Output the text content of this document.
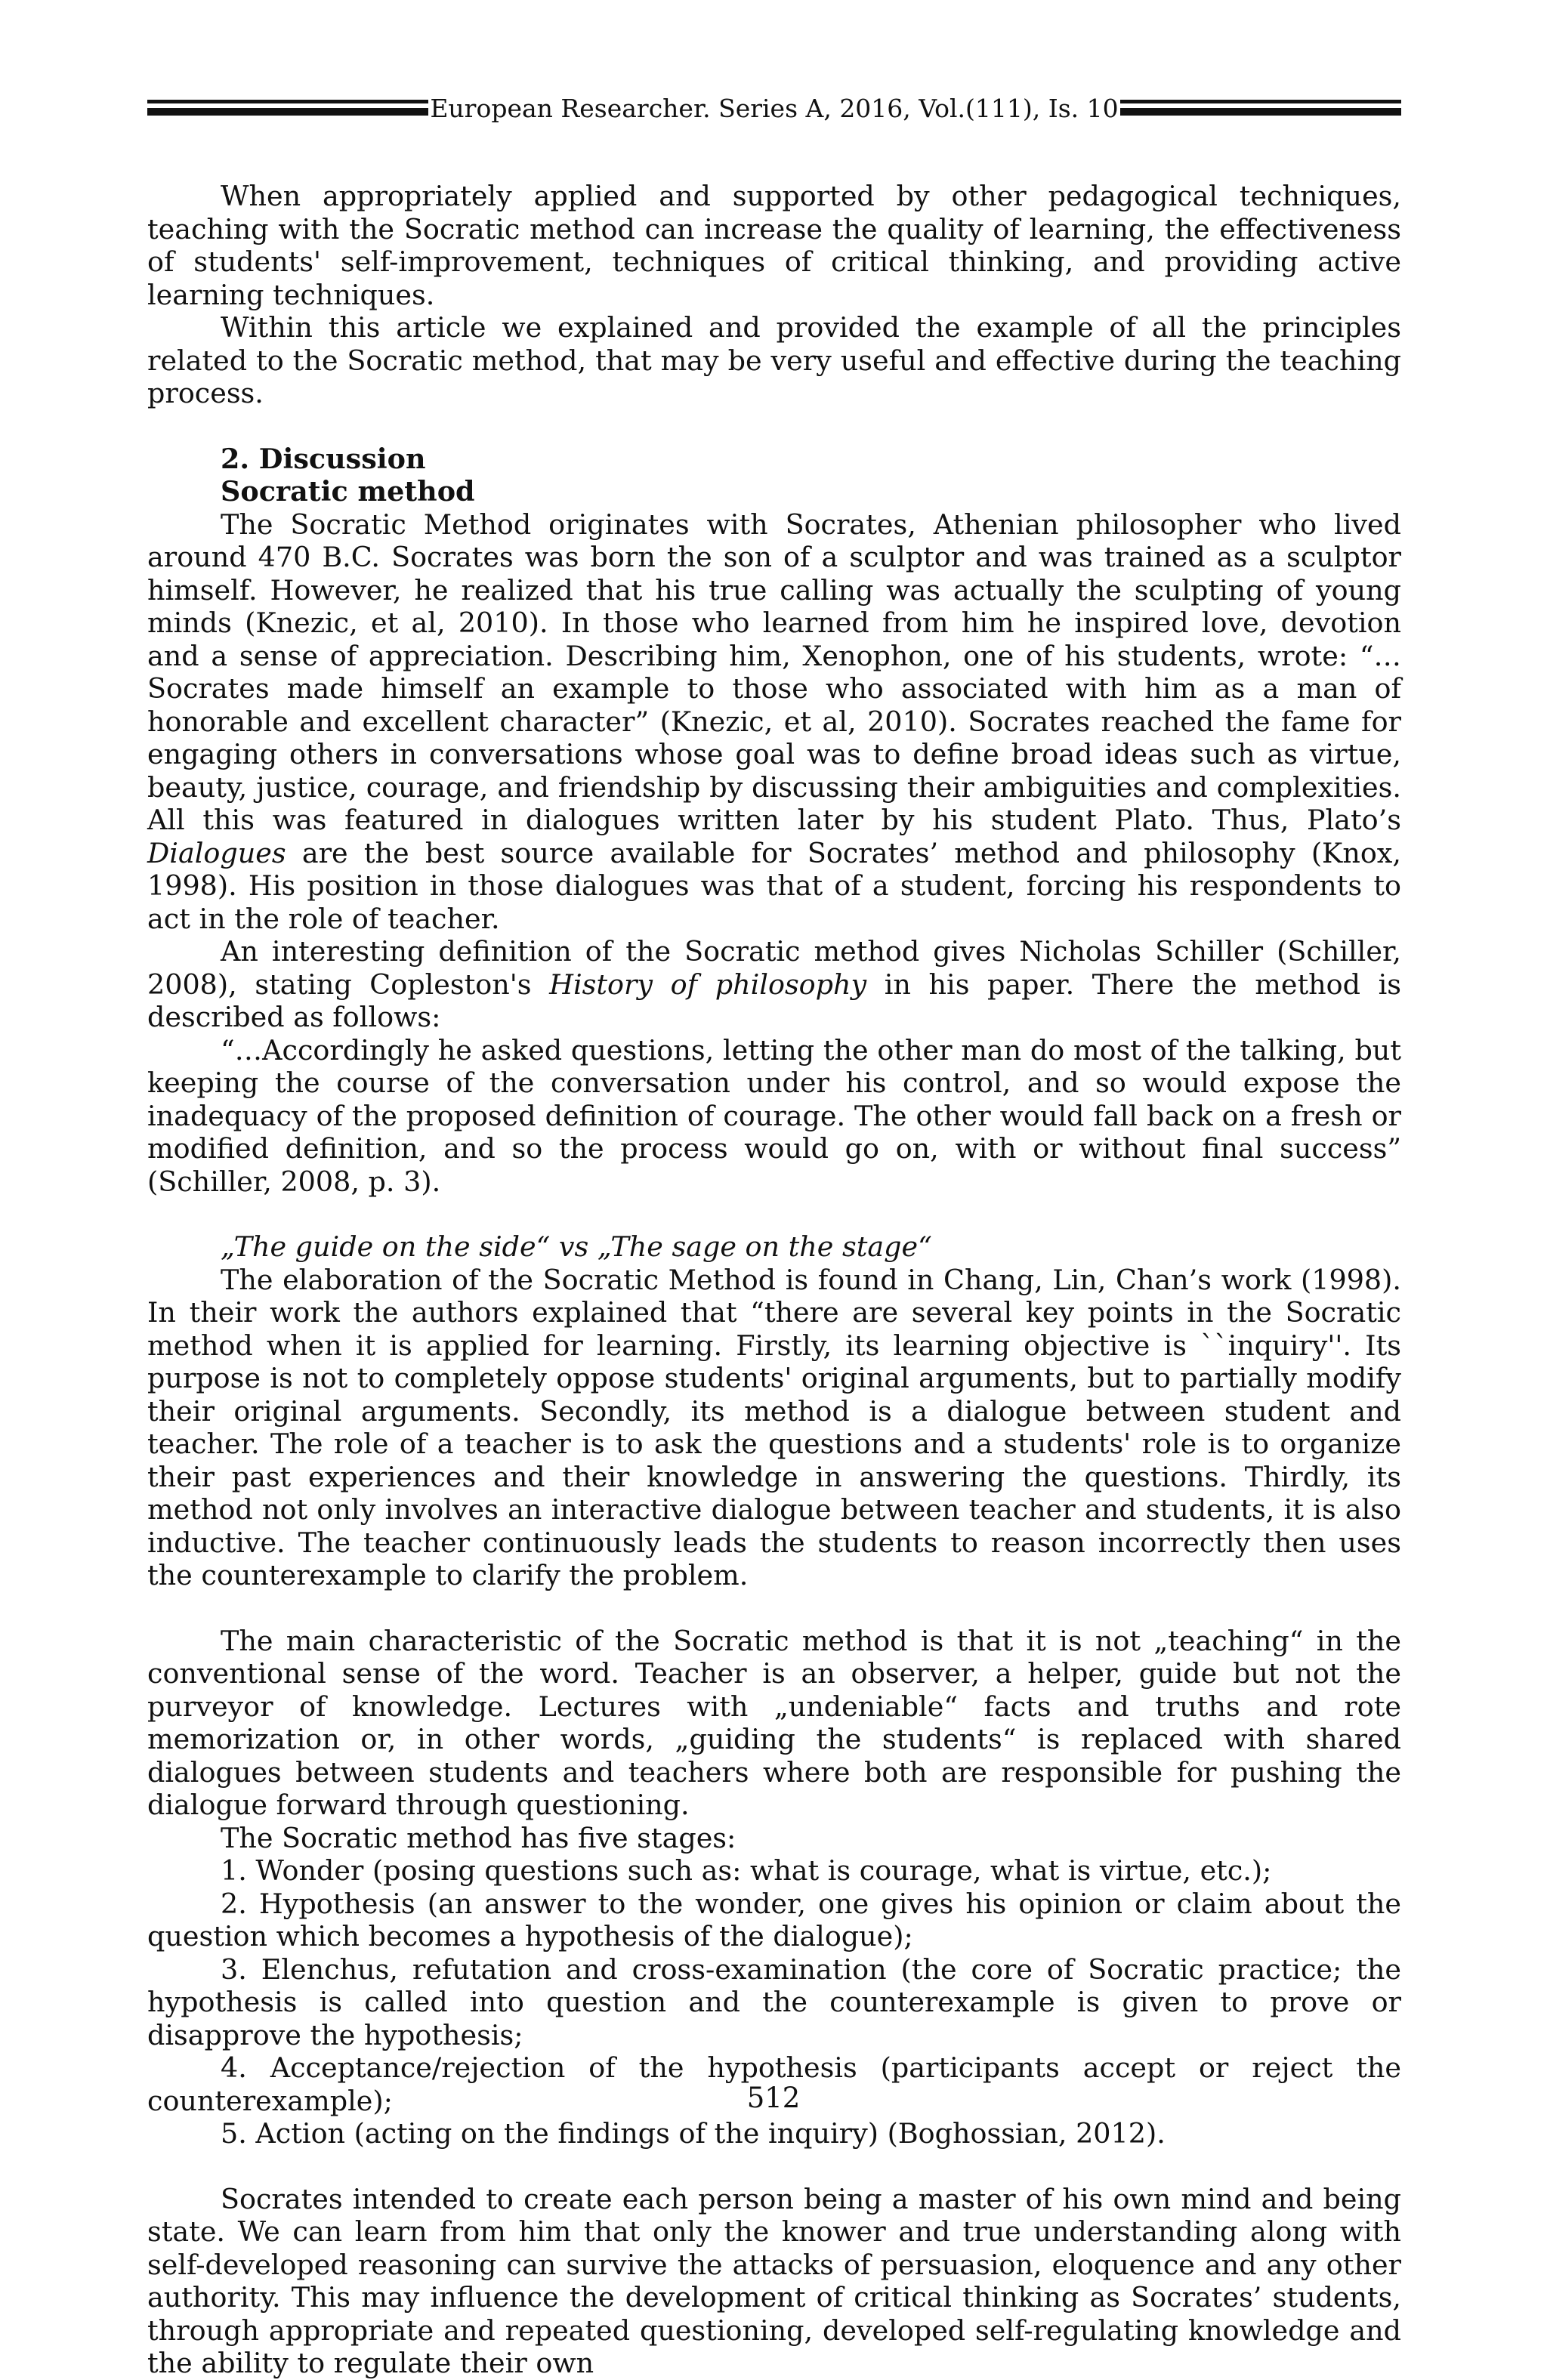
European Researcher. Series A, 2016, Vol.(111), Is. 10

When appropriately applied and supported by other pedagogical techniques, teaching with the Socratic method can increase the quality of learning, the effectiveness of students' self-improvement, techniques of critical thinking, and providing active learning techniques.

Within this article we explained and provided the example of all the principles related to the Socratic method, that may be very useful and effective during the teaching process.

2. Discussion

Socratic method

The Socratic Method originates with Socrates, Athenian philosopher who lived around 470 B.C. Socrates was born the son of a sculptor and was trained as a sculptor himself. However, he realized that his true calling was actually the sculpting of young minds (Knezic, et al, 2010). In those who learned from him he inspired love, devotion and a sense of appreciation. Describing him, Xenophon, one of his students, wrote: “…Socrates made himself an example to those who associated with him as a man of honorable and excellent character” (Knezic, et al, 2010). Socrates reached the fame for engaging others in conversations whose goal was to define broad ideas such as virtue, beauty, justice, courage, and friendship by discussing their ambiguities and complexities. All this was featured in dialogues written later by his student Plato. Thus, Plato’s Dialogues are the best source available for Socrates’ method and philosophy (Knox, 1998). His position in those dialogues was that of a student, forcing his respondents to act in the role of teacher.

An interesting definition of the Socratic method gives Nicholas Schiller (Schiller, 2008), stating Copleston's History of philosophy in his paper. There the method is described as follows:

“…Accordingly he asked questions, letting the other man do most of the talking, but keeping the course of the conversation under his control, and so would expose the inadequacy of the proposed definition of courage. The other would fall back on a fresh or modified definition, and so the process would go on, with or without final success” (Schiller, 2008, p. 3).

„The guide on the side“ vs „The sage on the stage“

The elaboration of the Socratic Method is found in Chang, Lin, Chan’s work (1998). In their work the authors explained that “there are several key points in the Socratic method when it is applied for learning. Firstly, its learning objective is ``inquiry''. Its purpose is not to completely oppose students' original arguments, but to partially modify their original arguments. Secondly, its method is a dialogue between student and teacher. The role of a teacher is to ask the questions and a students' role is to organize their past experiences and their knowledge in answering the questions. Thirdly, its method not only involves an interactive dialogue between teacher and students, it is also inductive. The teacher continuously leads the students to reason incorrectly then uses the counterexample to clarify the problem.

The main characteristic of the Socratic method is that it is not „teaching“ in the conventional sense of the word. Teacher is an observer, a helper, guide but not the purveyor of knowledge. Lectures with „undeniable“ facts and truths and rote memorization or, in other words, „guiding the students“ is replaced with shared dialogues between students and teachers where both are responsible for pushing the dialogue forward through questioning.

The Socratic method has five stages:

1. Wonder (posing questions such as: what is courage, what is virtue, etc.);

2. Hypothesis (an answer to the wonder, one gives his opinion or claim about the question which becomes a hypothesis of the dialogue);

3. Elenchus, refutation and cross-examination (the core of Socratic practice; the hypothesis is called into question and the counterexample is given to prove or disapprove the hypothesis;

4. Acceptance/rejection of the hypothesis (participants accept or reject the counterexample);

5. Action (acting on the findings of the inquiry) (Boghossian, 2012).

Socrates intended to create each person being a master of his own mind and being state. We can learn from him that only the knower and true understanding along with self-developed reasoning can survive the attacks of persuasion, eloquence and any other authority. This may influence the development of critical thinking as Socrates’ students, through appropriate and repeated questioning, developed self-regulating knowledge and the ability to regulate their own

512
